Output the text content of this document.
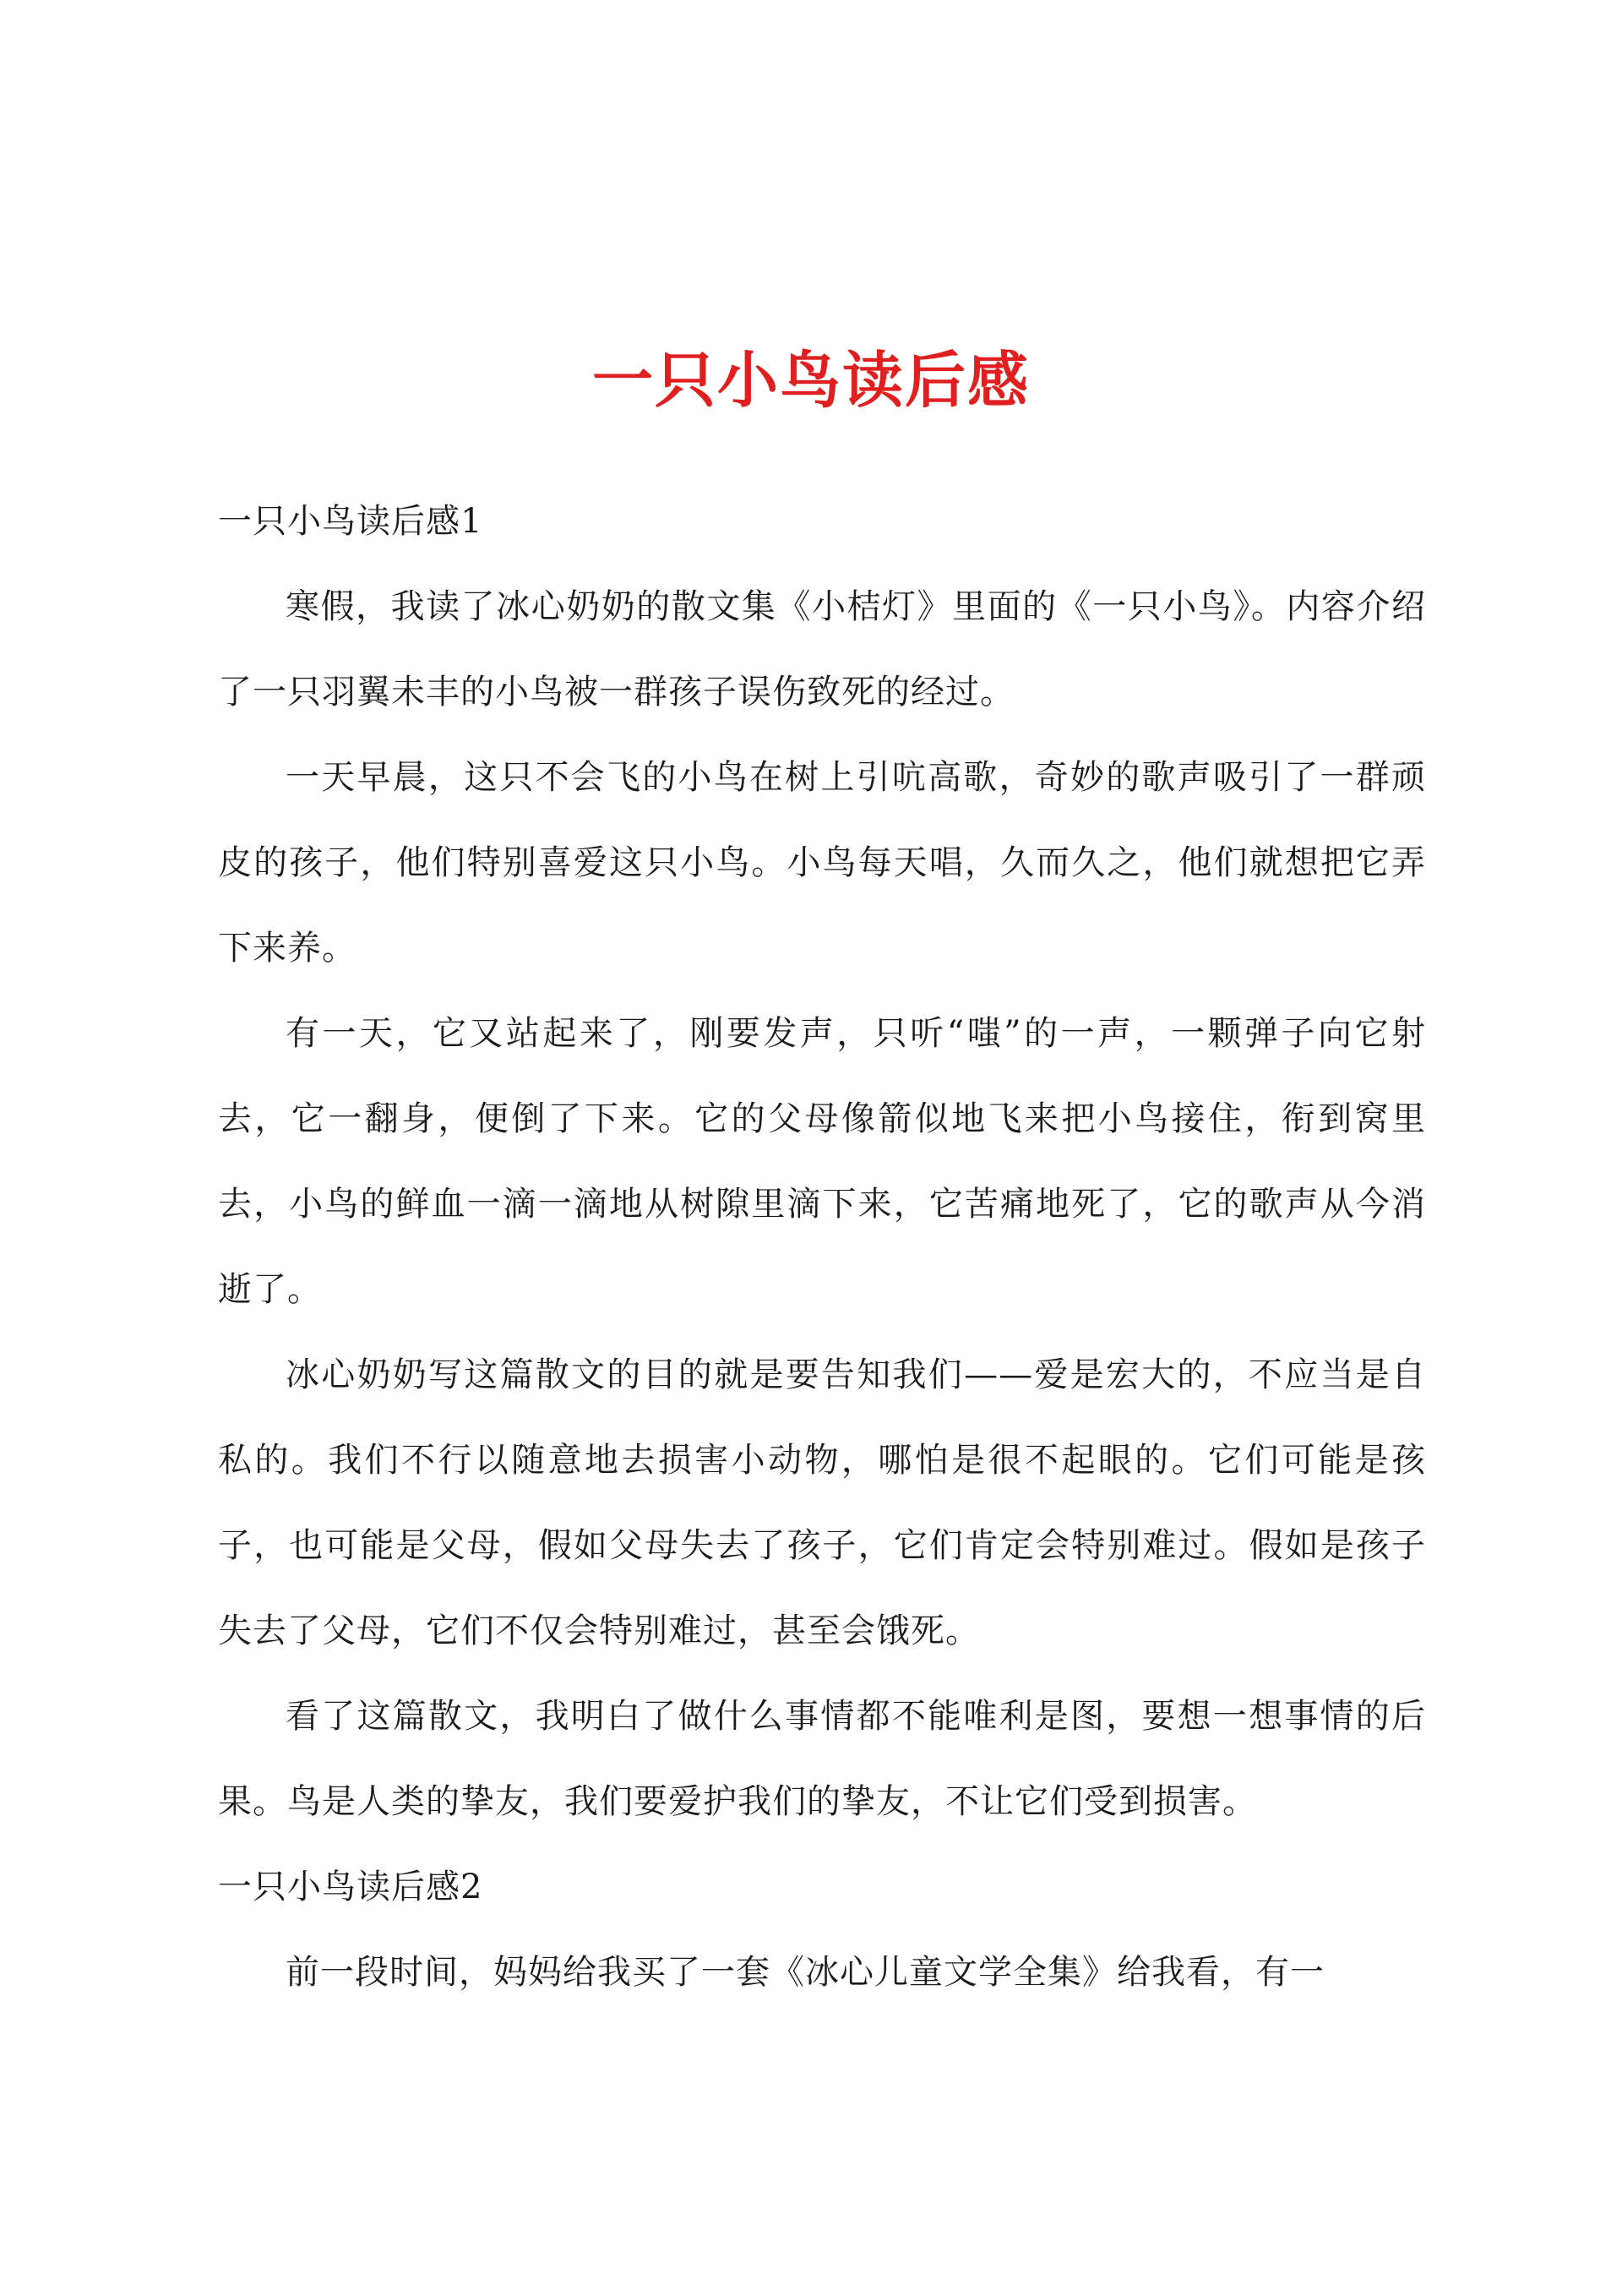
一只小鸟读后感

一只小鸟读后感1

寒假，我读了冰心奶奶的散文集《小桔灯》里面的《一只小鸟》。内容介绍了一只羽翼未丰的小鸟被一群孩子误伤致死的经过。

一天早晨，这只不会飞的小鸟在树上引吭高歌，奇妙的歌声吸引了一群顽皮的孩子，他们特别喜爱这只小鸟。小鸟每天唱，久而久之，他们就想把它弄下来养。

有一天，它又站起来了，刚要发声，只听“嗤”的一声，一颗弹子向它射去，它一翻身，便倒了下来。它的父母像箭似地飞来把小鸟接住，衔到窝里去，小鸟的鲜血一滴一滴地从树隙里滴下来，它苦痛地死了，它的歌声从今消逝了。

冰心奶奶写这篇散文的目的就是要告知我们——爱是宏大的，不应当是自私的。我们不行以随意地去损害小动物，哪怕是很不起眼的。它们可能是孩子，也可能是父母，假如父母失去了孩子，它们肯定会特别难过。假如是孩子失去了父母，它们不仅会特别难过，甚至会饿死。

看了这篇散文，我明白了做什么事情都不能唯利是图，要想一想事情的后果。鸟是人类的挚友，我们要爱护我们的挚友，不让它们受到损害。

一只小鸟读后感2

前一段时间，妈妈给我买了一套《冰心儿童文学全集》给我看，有一
